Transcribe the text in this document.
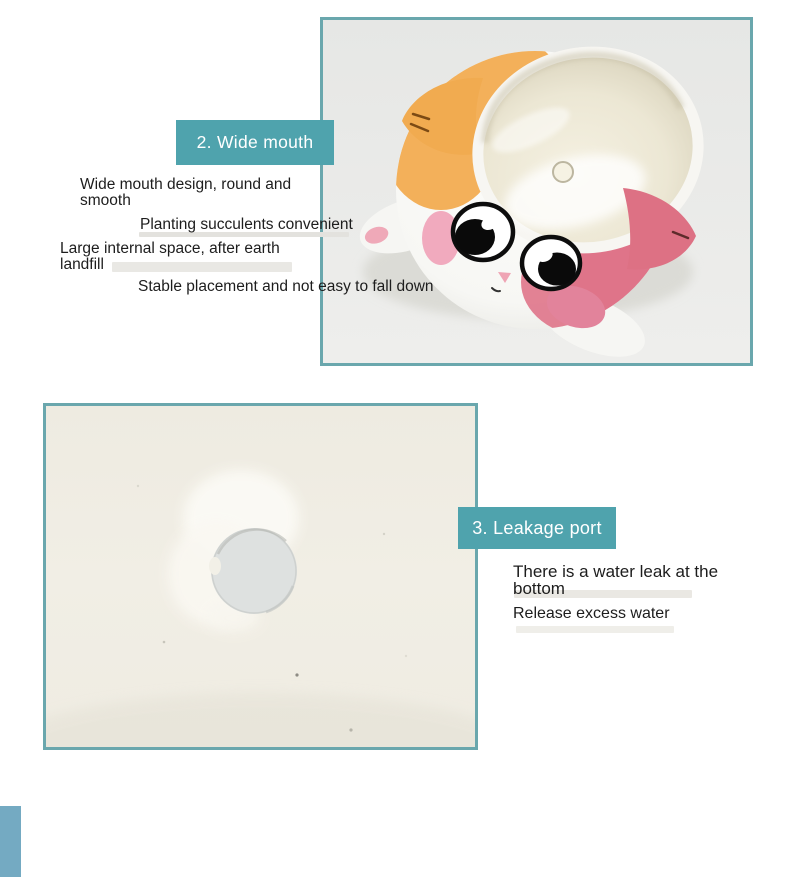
2. Wide mouth

Wide mouth design, round and smooth

Planting succulents convenient

Large internal space, after earth landfill

Stable placement and not easy to fall down

3. Leakage port

There is a water leak at the bottom

Release excess water
